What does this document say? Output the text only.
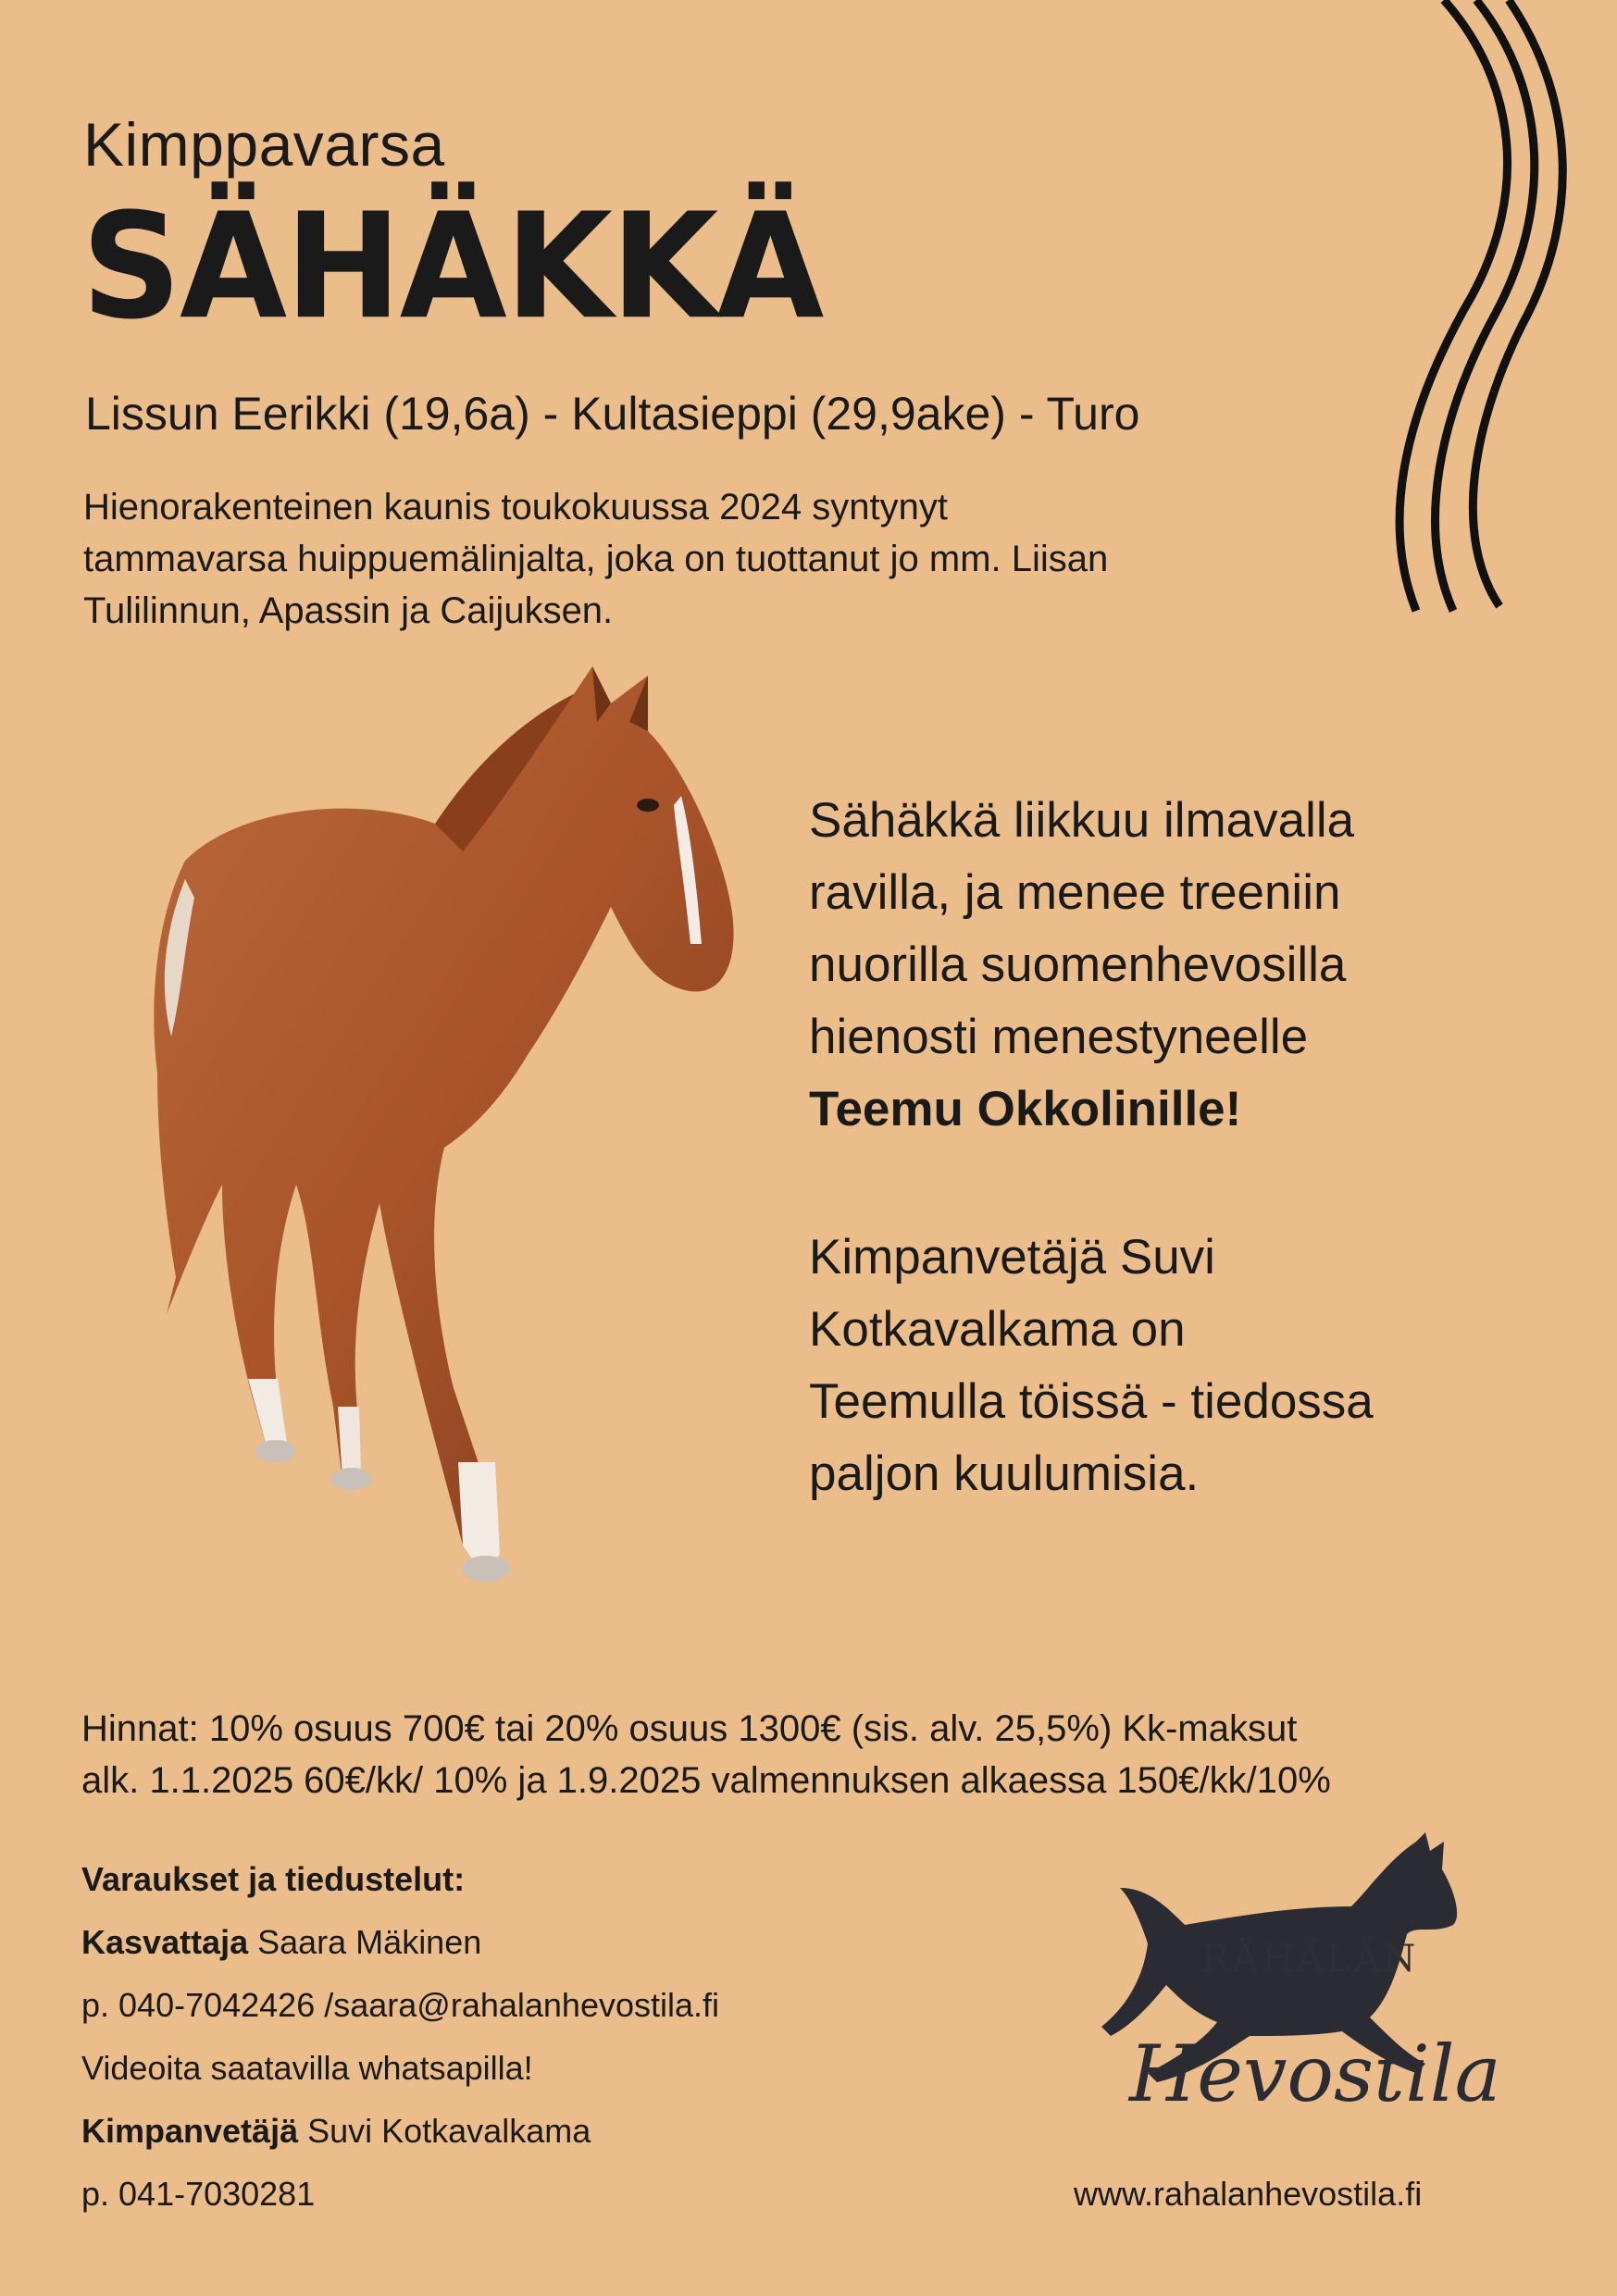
Kimppavarsa
SÄHÄKKÄ
Lissun Eerikki (19,6a) - Kultasieppi (29,9ake) - Turo
Hienorakenteinen kaunis toukokuussa 2024 syntynyt
tammavarsa huippuemälinjalta, joka on tuottanut jo mm. Liisan
Tulilinnun, Apassin ja Caijuksen.
Sähäkkä liikkuu ilmavalla
ravilla, ja menee treeniin
nuorilla suomenhevosilla
hienosti menestyneelle
Teemu Okkolinille!
Kimpanvetäjä Suvi
Kotkavalkama on
Teemulla töissä - tiedossa
paljon kuulumisia.
Hinnat: 10% osuus 700€ tai 20% osuus 1300€ (sis. alv. 25,5%) Kk-maksut
alk. 1.1.2025 60€/kk/ 10% ja 1.9.2025 valmennuksen alkaessa 150€/kk/10%
Varaukset ja tiedustelut:
Kasvattaja Saara Mäkinen
p. 040-7042426 /saara@rahalanhevostila.fi
Videoita saatavilla whatsapilla!
Kimpanvetäjä Suvi Kotkavalkama
p. 041-7030281
RÄHÄLÄN
Hevostila
www.rahalanhevostila.fi
